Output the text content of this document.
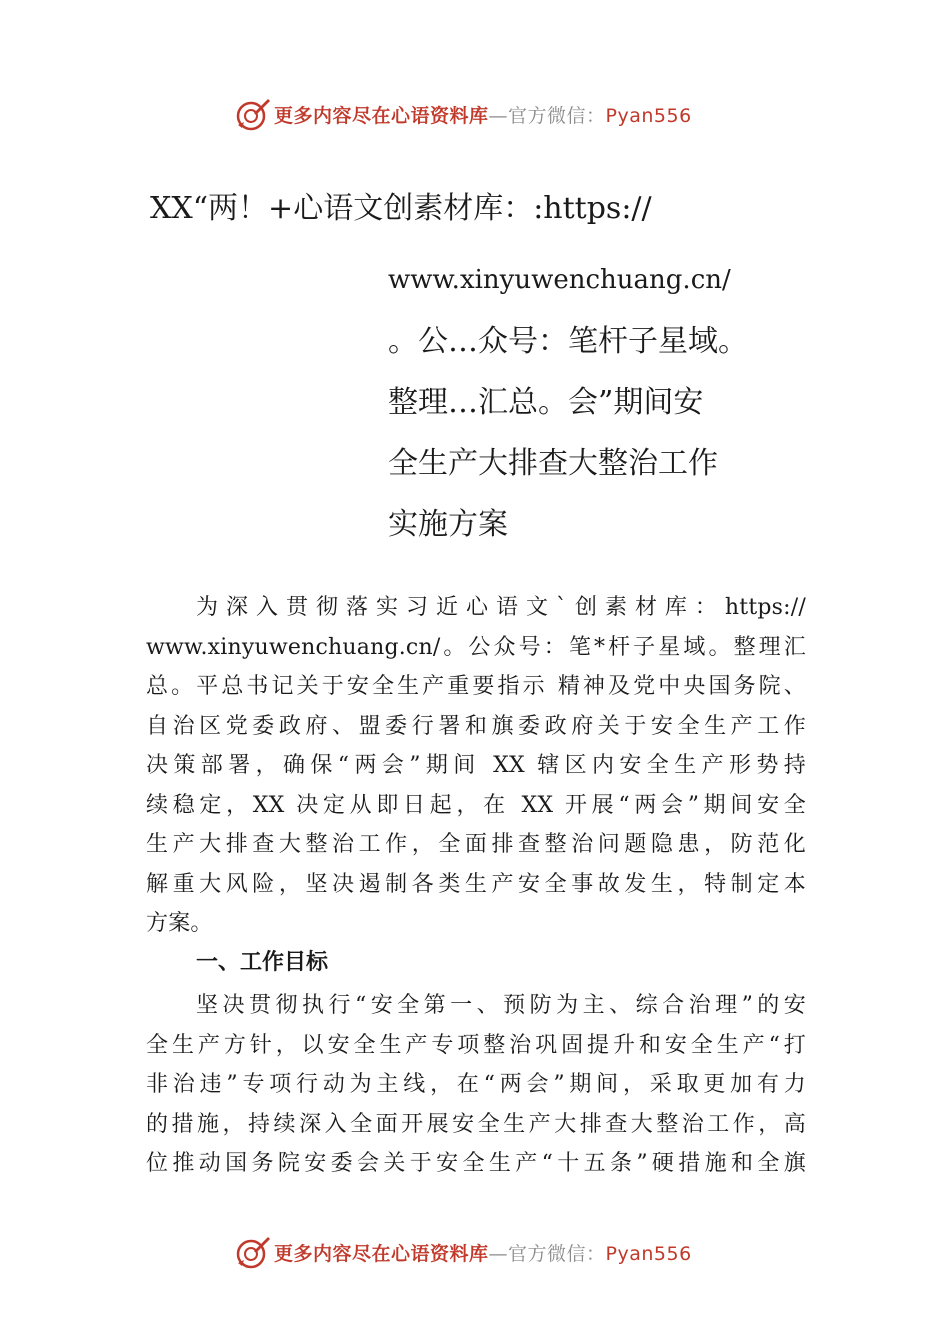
更多内容尽在心语资料库—官方微信：Pyan556
XX“两！+心语文创素材库：:https://
www.xinyuwenchuang.cn/
。公…众号：笔杆子星域。
整理…汇总。会”期间安
全生产大排查大整治工作
实施方案
为深入贯彻落实习近心语文`创素材库：https://
www.xinyuwenchuang.cn/。公众号：笔*杆子星域。整理汇
总。平总书记关于安全生产重要指示 精神及党中央国务院、
自治区党委政府、盟委行署和旗委政府关于安全生产工作
决策部署，确保“两会”期间 XX 辖区内安全生产形势持
续稳定，XX 决定从即日起，在 XX 开展“两会”期间安全
生产大排查大整治工作，全面排查整治问题隐患，防范化
解重大风险，坚决遏制各类生产安全事故发生，特制定本
方案。
一、工作目标
坚决贯彻执行“安全第一、预防为主、综合治理”的安
全生产方针，以安全生产专项整治巩固提升和安全生产“打
非治违”专项行动为主线，在“两会”期间，采取更加有力
的措施，持续深入全面开展安全生产大排查大整治工作，高
位推动国务院安委会关于安全生产“十五条”硬措施和全旗
更多内容尽在心语资料库—官方微信：Pyan556
